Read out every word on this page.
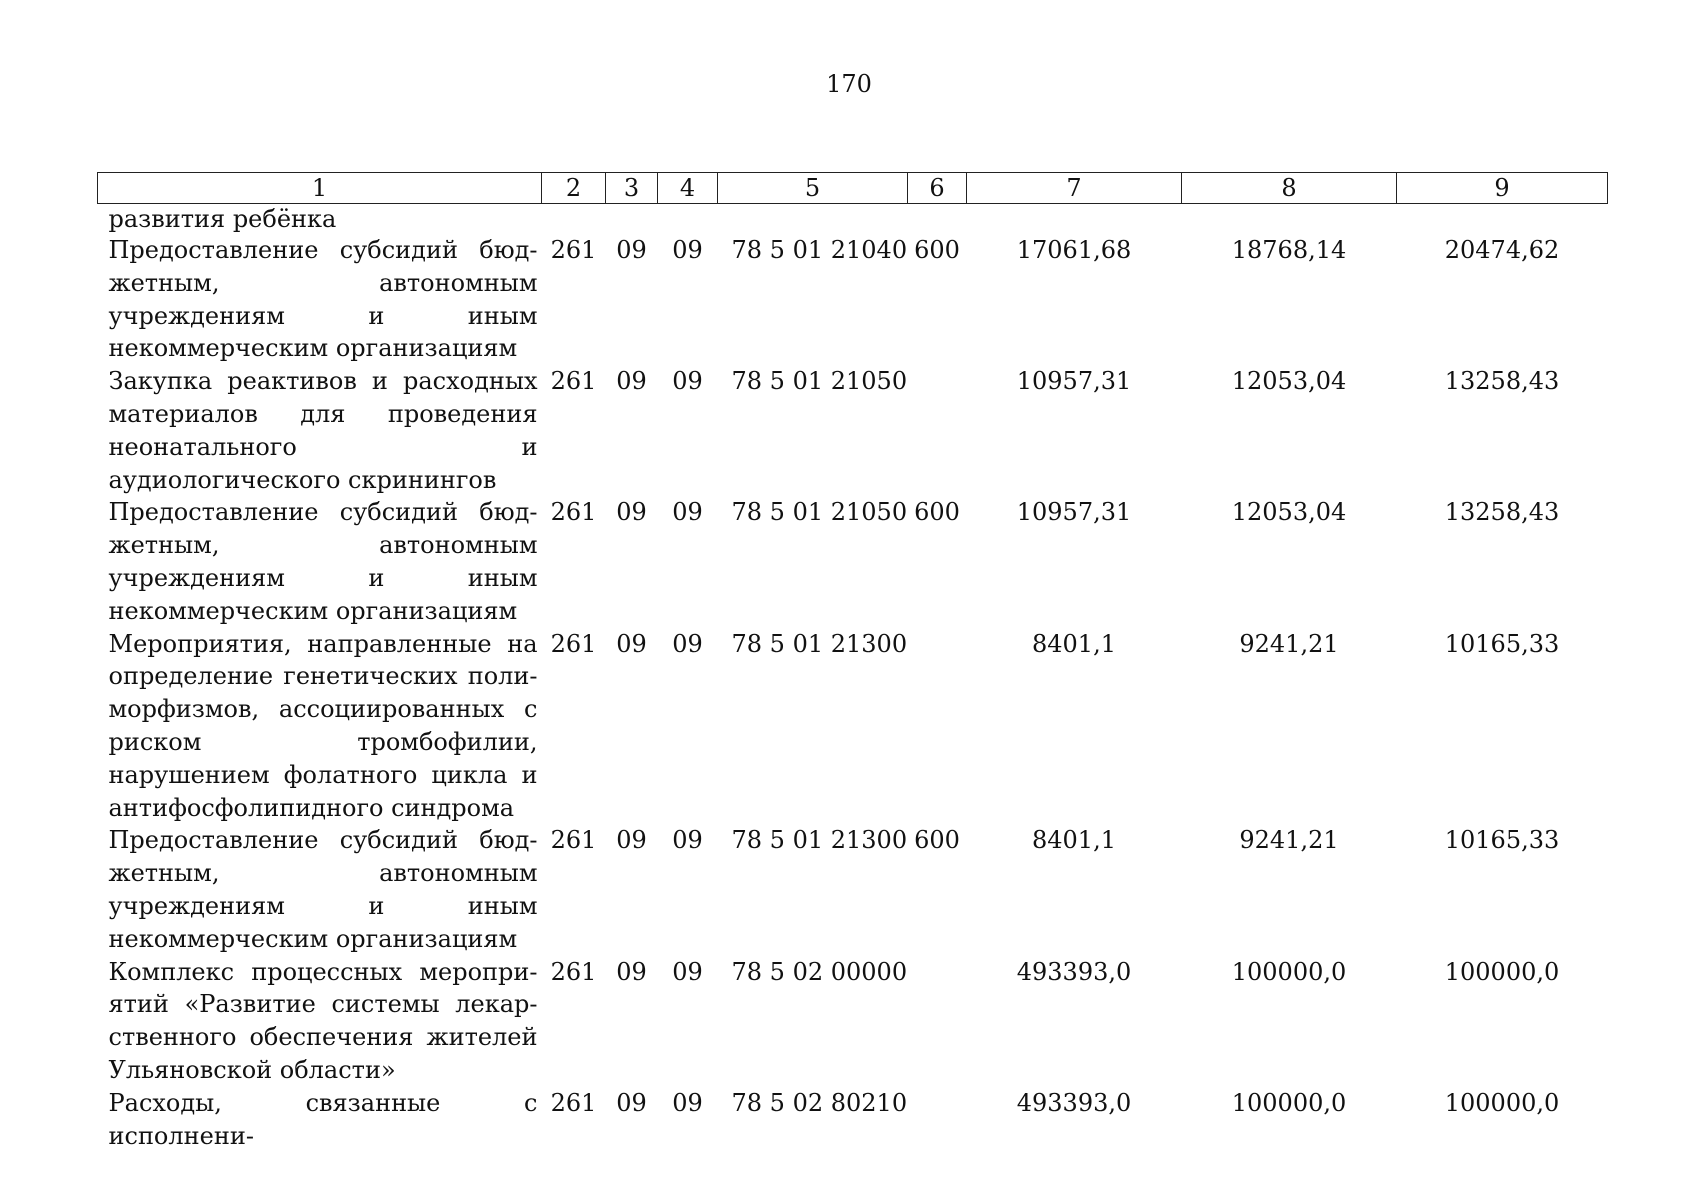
170
1	2	3	4	5	6	7	8	9
развития ребёнка								
Предоставление субсидий бюджетным, автономным учреждениям и иным некоммерческим организациям	261	09	09	78 5 01 21040	600	17061,68	18768,14	20474,62
Закупка реактивов и расходных материалов для проведения неонатального и аудиологического скринингов	261	09	09	78 5 01 21050		10957,31	12053,04	13258,43
Предоставление субсидий бюджетным, автономным учреждениям и иным некоммерческим организациям	261	09	09	78 5 01 21050	600	10957,31	12053,04	13258,43
Мероприятия, направленные на определение генетических полиморфизмов, ассоциированных с риском тромбофилии, нарушением фолатного цикла и антифосфолипидного синдрома	261	09	09	78 5 01 21300		8401,1	9241,21	10165,33
Предоставление субсидий бюджетным, автономным учреждениям и иным некоммерческим организациям	261	09	09	78 5 01 21300	600	8401,1	9241,21	10165,33
Комплекс процессных мероприятий «Развитие системы лекарственного обеспечения жителей Ульяновской области»	261	09	09	78 5 02 00000		493393,0	100000,0	100000,0
Расходы, связанные с исполнени-	261	09	09	78 5 02 80210		493393,0	100000,0	100000,0
